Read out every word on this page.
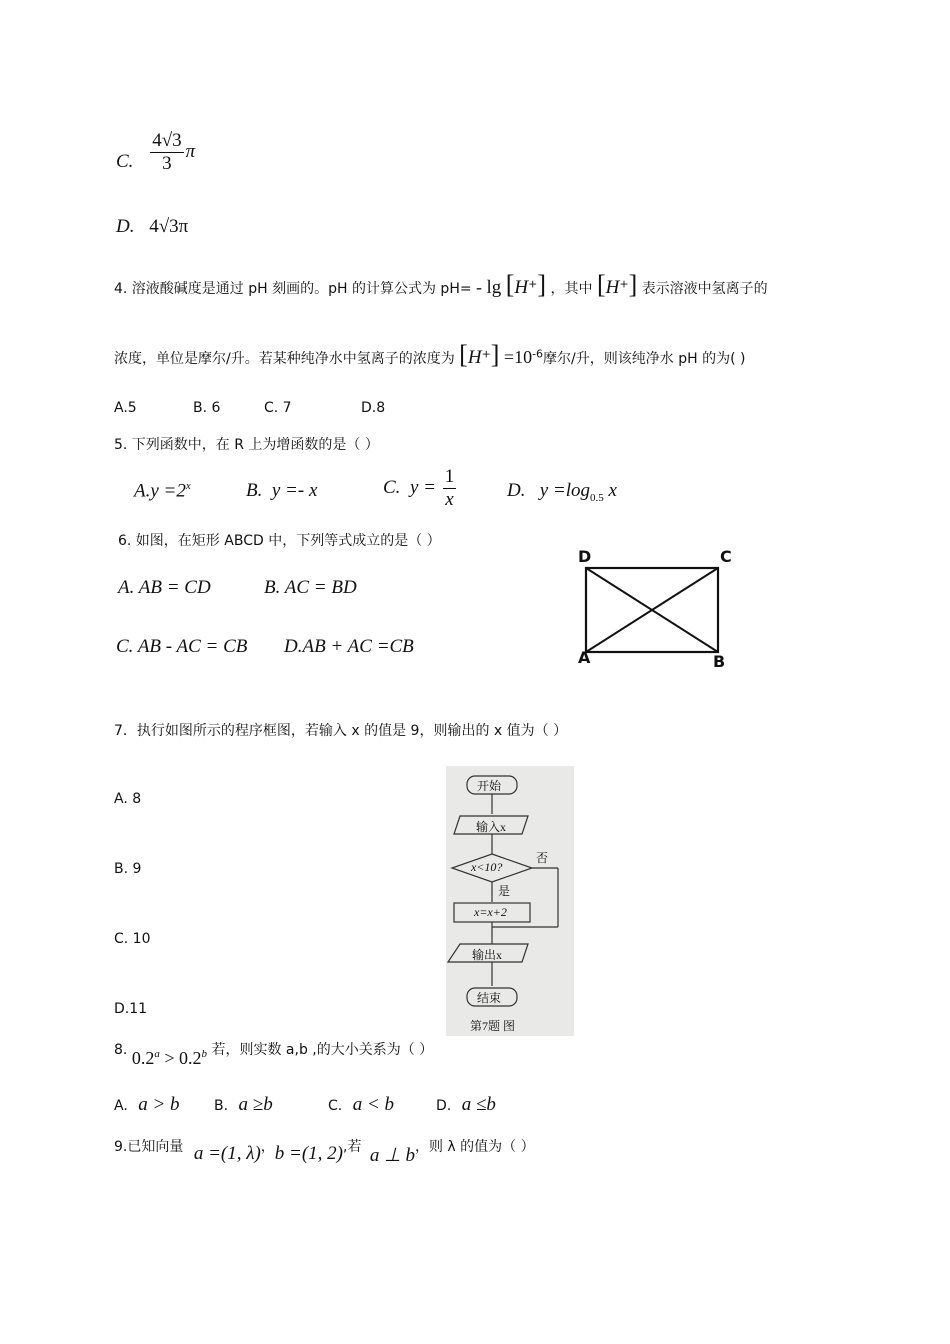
C. $\frac{4√3}{3}$ π
D. 4√3π
4. 溶液酸碱度是通过 pH 刻画的。pH 的计算公式为 pH= - lg [H+] ，其中 [H+] 表示溶液中氢离子的
浓度，单位是摩尔/升。若某种纯净水中氢离子的浓度为 $[H^+] =10^{-6}$摩尔/升，则该纯净水 pH 的为( )
A.5	B. 6	C. 7	D.8
5. 下列函数中，在 R 上为增函数的是（ ）
$A.y =2^x$	B. y =- x	C. $y = \frac{1}{x}$	D. $y =\log_{0.5}$ x
6. 如图，在矩形 ABCD 中，下列等式成立的是（ ）
A. AB = CD	B. AC = BD
C. AB - AC = CB D.AB + AC =CB
D	C
A	B
7．执行如图所示的程序框图，若输入 x 的值是 9，则输出的 x 值为（ ）
A. 8
B. 9
C. 10
D.11
开始
输入x
x<10?
否
是
x=x+2
输出x
结束
第7题 图
8. 0.2$^a$ > 0.2$^b$ 若，则实数 a,b ,的大小关系为（ ）
A. a > b B. a ≥b	C. a < b	D. a ≤b
9.已知向量 a =(1, λ)，b =(1, 2),若 a ⊥ b，则 λ 的值为（ ）
